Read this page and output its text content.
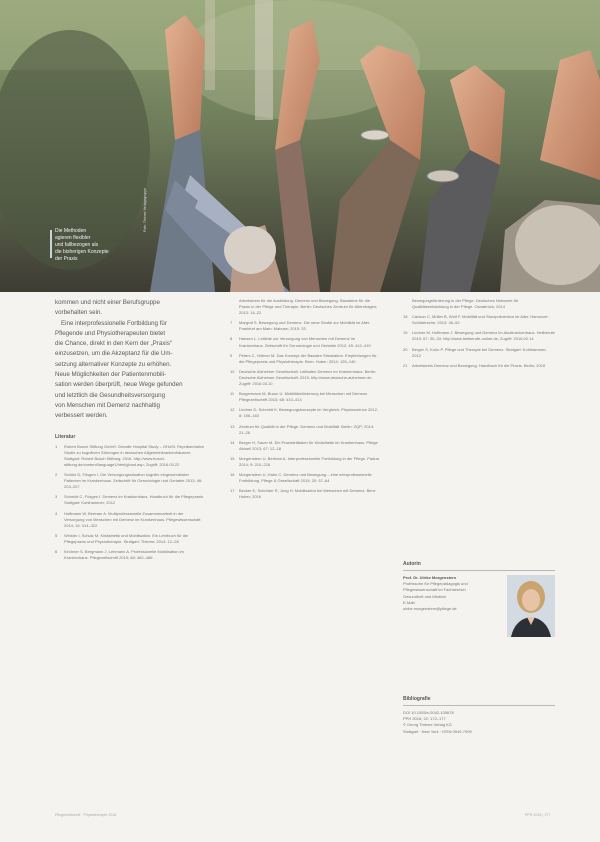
Die Methoden
agieren flexibler
und fallbezogen als
die bisherigen Konzepte
der Praxis
Foto: Thieme Verlagsgruppe

kommen und nicht einer Berufsgruppe

vorbehalten sein.

Eine interprofessionelle Fortbildung für

Pflegende und Physiotherapeuten bietet

die Chance, direkt in den Kern der „Praxis“

einzusetzen, um die Akzeptanz für die Um-

setzung alternativer Konzepte zu erhöhen.

Neue Möglichkeiten der Patientenmobili-

sation werden überprüft, neue Wege gefunden

und letztlich die Gesundheitsversorgung

von Menschen mit Demenz nachhaltig

verbessert werden.

Literatur
1	Robert Bosch Stiftung GmbH. Genalle Hospital Study – GHoSt. Repräsentative Studie zu kognitiven Störungen in deutschen Allgemeinkrankenhäusern. Stuttgart: Robert Bosch Stiftung; 2016. http://www.bosch-stiftung.de/content/language1/html/ghost.asp; Zugriff: 2016.03.22
2	Schütz D, Füsgen I. Die Versorgungssituation kognitiv eingeschränkter Patienten im Krankenhaus. Zeitschrift für Gerontologie und Geriatrie 2013; 46: 203–207
3	Schmidt C, Füsgen I. Demenz im Krankenhaus. Handbuch für die Pflegepraxis. Stuttgart: Kohlhammer; 2012
4	Hoffmann W, Bertram A. Multiprofessionelle Zusammenarbeit in der Versorgung von Menschen mit Demenz im Krankenhaus. Pflegewissenschaft 2014; 16: 314–322
5	Winkler I, Schulz M. Kinästhetik und Mobilisation. Ein Lehrbuch für die Pflegepraxis und Physiotherapie. Stuttgart: Thieme; 2014: 12–28
6	Kirchner S, Bergmann J, Lehmann A. Professionelle Mobilisation im Krankenhaus. Pflegezeitschrift 2015; 68: 482–486
Arbeitskreis für die Ausbildung. Demenz und Bewegung. Bausteine für die Praxis in der Pflege und Therapie. Berlin: Deutsches Zentrum für Altersfragen; 2013: 14–22
7	Margraf S. Bewegung und Demenz. Die neue Studie zur Mobilität im Alter. Frankfurt am Main: Mabuse; 2015: 33
8	Hansen L. Leitlinie zur Versorgung von Menschen mit Demenz im Krankenhaus. Zeitschrift für Gerontologie und Geriatrie 2012; 45: 412–419
9	Peters C, Hübner M. Das Konzept der Basalen Stimulation. Empfehlungen für die Pflegepraxis und Physiotherapie. Bern: Huber; 2014: 125–140
10	Deutsche Alzheimer Gesellschaft. Leitfaden Demenz im Krankenhaus. Berlin: Deutsche Alzheimer Gesellschaft; 2015. http://www.deutsche-alzheimer.de; Zugriff: 2016.03.10
11	Burgermann M, Braun U. Mobilitätsförderung bei Menschen mit Demenz. Pflegezeitschrift 2015; 68: 410–414
12	Lindner D, Schmidt K. Bewegungskonzepte im Vergleich. Physioscience 2012; 8: 156–163
13	Zentrum für Qualität in der Pflege. Demenz und Mobilität. Berlin: ZQP; 2014: 21–26
14	Berger H, Sauer M. Ein Praxisleitfaden für Kinästhetik im Krankenhaus. Pflege Aktuell 2013; 67: 12–18
15	Morgenstern U, Bertram A. Interprofessionelle Fortbildung in der Pflege. Padua 2014; 9: 210–218
16	Morgenstern U, Hahn C. Demenz und Bewegung – eine interprofessionelle Fortbildung. Pflege & Gesellschaft 2015; 20: 57–64
17	Becker K, Schröder R, Jung H. Mobilisation bei Menschen mit Demenz. Bern: Huber; 2016
Bewegungsförderung in der Pflege. Deutsches Netzwerk für Qualitätsentwicklung in der Pflege. Osnabrück; 2014
18	Carlson C, Müller B, Wolf F. Mobilität und Sturzprävention im Alter. Hannover: Schlütersche; 2013: 45–52
19	Lindner M, Hoffmann J. Bewegung und Demenz im Akutkrankenhaus. Heilberufe 2015; 67: 30–33. http://www.heilberufe-online.de; Zugriff: 2016.02.14
20	Berger S, Kuhn P. Pflege und Therapie bei Demenz. Stuttgart: Kohlhammer; 2012
21	Arbeitskreis Demenz und Bewegung. Handbuch für die Praxis. Berlin; 2016
Autorin
Prof. Dr. Ulrike Morgenstern
Professorin für Pflegepädagogik und
Pflegewissenschaft im Fachbereich
Gesundheit und Medizin
E-Mail:
ulrike.morgenstern@pflege.de
Bibliografie
DOI 10.1055/s-0042-105678
PPH 2016; 22: 172–177
© Georg Thieme Verlag KG
Stuttgart · New York · ISSN 0949-7099
Pflegezeitschrift · Physiotherapie 2016	PPH 2016 | 177
